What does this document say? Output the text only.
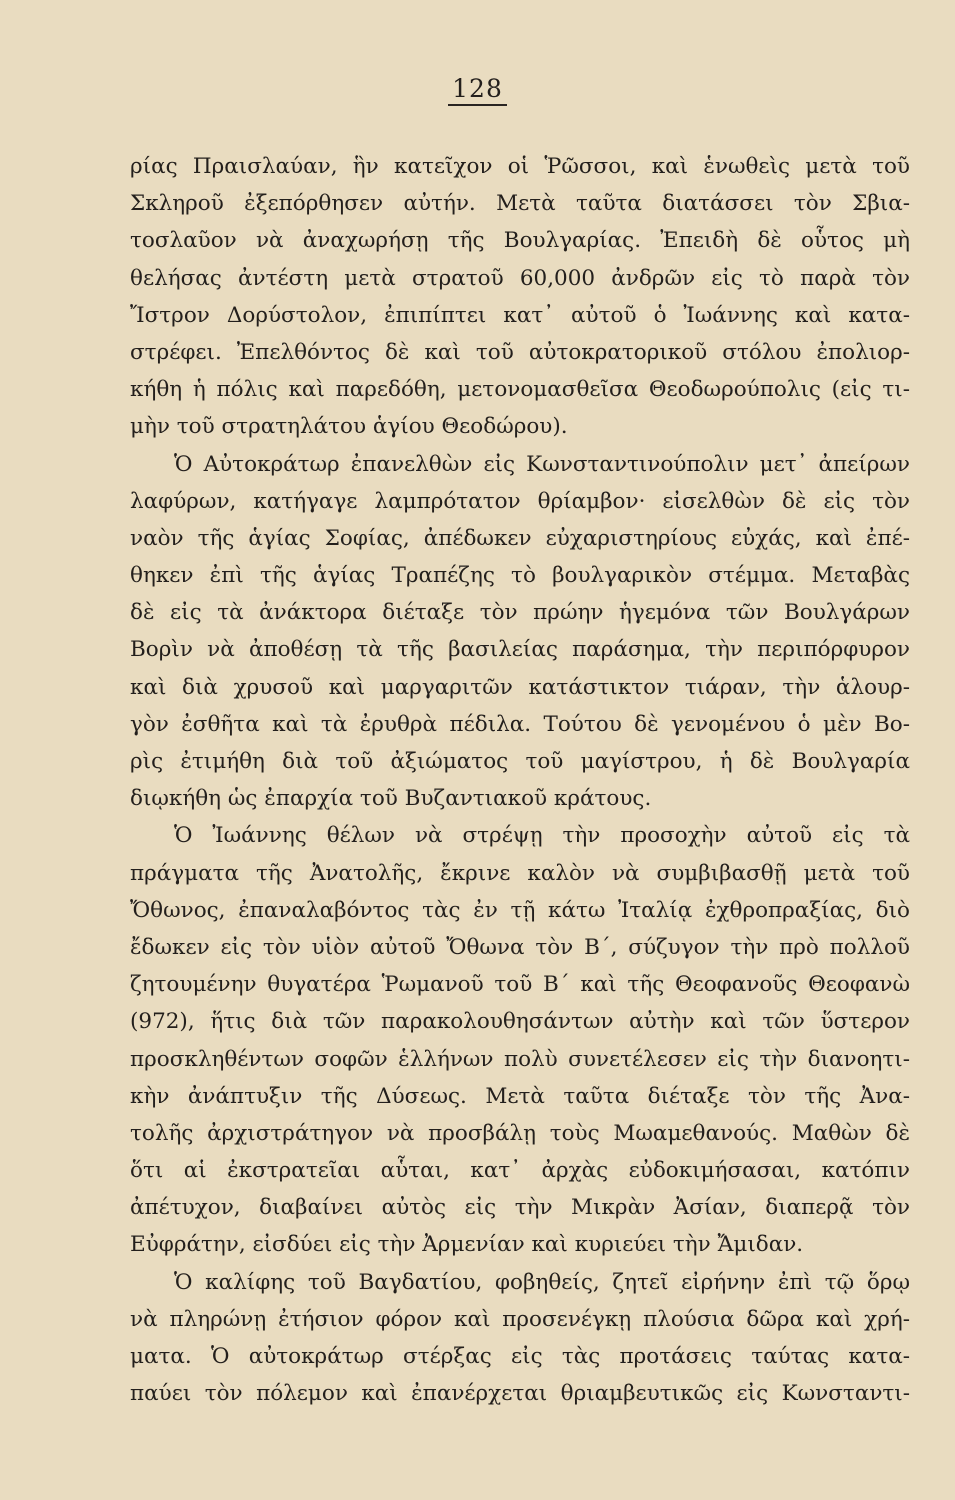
128
ρίας Πραισλαύαν, ἣν κατεῖχον οἱ Ῥῶσσοι, καὶ ἑνωθεὶς μετὰ τοῦ
Σκληροῦ ἐξεπόρθησεν αὐτήν. Μετὰ ταῦτα διατάσσει τὸν Σβια-
τοσλαῦον νὰ ἀναχωρήσῃ τῆς Βουλγαρίας. Ἐπειδὴ δὲ οὗτος μὴ
θελήσας ἀντέστη μετὰ στρατοῦ 60,000 ἀνδρῶν εἰς τὸ παρὰ τὸν
Ἴστρον Δορύστολον, ἐπιπίπτει κατ᾽ αὐτοῦ ὁ Ἰωάννης καὶ κατα-
στρέφει. Ἐπελθόντος δὲ καὶ τοῦ αὐτοκρατορικοῦ στόλου ἐπολιορ-
κήθη ἡ πόλις καὶ παρεδόθη, μετονομασθεῖσα Θεοδωρούπολις (εἰς τι-
μὴν τοῦ στρατηλάτου ἁγίου Θεοδώρου).
Ὁ Αὐτοκράτωρ ἐπανελθὼν εἰς Κωνσταντινούπολιν μετ᾽ ἀπείρων
λαφύρων, κατήγαγε λαμπρότατον θρίαμβον· εἰσελθὼν δὲ εἰς τὸν
ναὸν τῆς ἁγίας Σοφίας, ἀπέδωκεν εὐχαριστηρίους εὐχάς, καὶ ἐπέ-
θηκεν ἐπὶ τῆς ἁγίας Τραπέζης τὸ βουλγαρικὸν στέμμα. Μεταβὰς
δὲ εἰς τὰ ἀνάκτορα διέταξε τὸν πρώην ἡγεμόνα τῶν Βουλγάρων
Βορὶν νὰ ἀποθέσῃ τὰ τῆς βασιλείας παράσημα, τὴν περιπόρφυρον
καὶ διὰ χρυσοῦ καὶ μαργαριτῶν κατάστικτον τιάραν, τὴν ἁλουρ-
γὸν ἐσθῆτα καὶ τὰ ἐρυθρὰ πέδιλα. Τούτου δὲ γενομένου ὁ μὲν Βο-
ρὶς ἐτιμήθη διὰ τοῦ ἀξιώματος τοῦ μαγίστρου, ἡ δὲ Βουλγαρία
διῳκήθη ὡς ἐπαρχία τοῦ Βυζαντιακοῦ κράτους.
Ὁ Ἰωάννης θέλων νὰ στρέψῃ τὴν προσοχὴν αὐτοῦ εἰς τὰ
πράγματα τῆς Ἀνατολῆς, ἔκρινε καλὸν νὰ συμβιβασθῇ μετὰ τοῦ
Ὄθωνος, ἐπαναλαβόντος τὰς ἐν τῇ κάτω Ἰταλίᾳ ἐχθροπραξίας, διὸ
ἔδωκεν εἰς τὸν υἱὸν αὐτοῦ Ὄθωνα τὸν Β΄, σύζυγον τὴν πρὸ πολλοῦ
ζητουμένην θυγατέρα Ῥωμανοῦ τοῦ Β΄ καὶ τῆς Θεοφανοῦς Θεοφανὼ
(972), ἥτις διὰ τῶν παρακολουθησάντων αὐτὴν καὶ τῶν ὕστερον
προσκληθέντων σοφῶν ἑλλήνων πολὺ συνετέλεσεν εἰς τὴν διανοητι-
κὴν ἀνάπτυξιν τῆς Δύσεως. Μετὰ ταῦτα διέταξε τὸν τῆς Ἀνα-
τολῆς ἀρχιστράτηγον νὰ προσβάλῃ τοὺς Μωαμεθανούς. Μαθὼν δὲ
ὅτι αἱ ἐκστρατεῖαι αὗται, κατ᾽ ἀρχὰς εὐδοκιμήσασαι, κατόπιν
ἀπέτυχον, διαβαίνει αὐτὸς εἰς τὴν Μικρὰν Ἀσίαν, διαπερᾷ τὸν
Εὐφράτην, εἰσδύει εἰς τὴν Ἀρμενίαν καὶ κυριεύει τὴν Ἄμιδαν.
Ὁ καλίφης τοῦ Βαγδατίου, φοβηθείς, ζητεῖ εἰρήνην ἐπὶ τῷ ὅρῳ
νὰ πληρώνῃ ἐτήσιον φόρον καὶ προσενέγκῃ πλούσια δῶρα καὶ χρή-
ματα. Ὁ αὐτοκράτωρ στέρξας εἰς τὰς προτάσεις ταύτας κατα-
παύει τὸν πόλεμον καὶ ἐπανέρχεται θριαμβευτικῶς εἰς Κωνσταντι-
